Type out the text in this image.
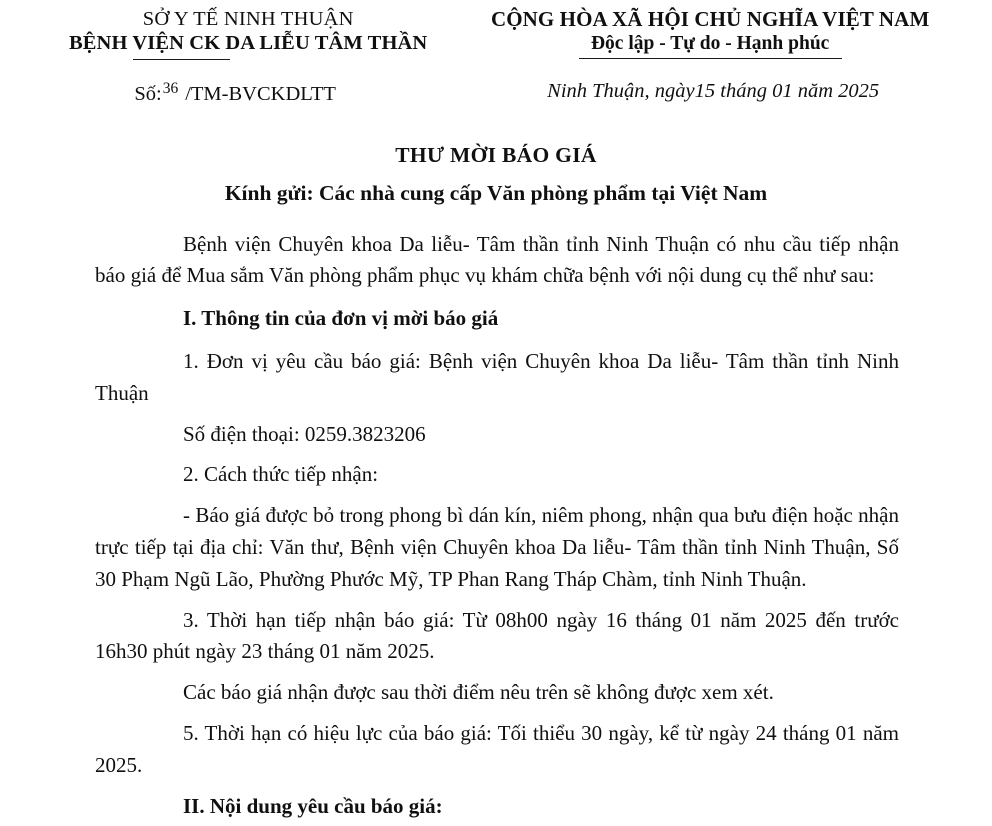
SỞ Y TẾ NINH THUẬN
BỆNH VIỆN CK DA LIỄU TÂM THẦN
CỘNG HÒA XÃ HỘI CHỦ NGHĨA VIỆT NAM
Độc lập - Tự do - Hạnh phúc
Số:$^{36}$ /TM-BVCKDLTT	Ninh Thuận, ngày15 tháng 01 năm 2025
THƯ MỜI BÁO GIÁ
Kính gửi: Các nhà cung cấp Văn phòng phẩm tại Việt Nam

Bệnh viện Chuyên khoa Da liễu- Tâm thần tỉnh Ninh Thuận có nhu cầu tiếp nhận báo giá để Mua sắm Văn phòng phẩm phục vụ khám chữa bệnh với nội dung cụ thể như sau:

I. Thông tin của đơn vị mời báo giá

1. Đơn vị yêu cầu báo giá: Bệnh viện Chuyên khoa Da liễu- Tâm thần tỉnh Ninh Thuận

Số điện thoại: 0259.3823206

2. Cách thức tiếp nhận:

- Báo giá được bỏ trong phong bì dán kín, niêm phong, nhận qua bưu điện hoặc nhận trực tiếp tại địa chỉ: Văn thư, Bệnh viện Chuyên khoa Da liễu- Tâm thần tỉnh Ninh Thuận, Số 30 Phạm Ngũ Lão, Phường Phước Mỹ, TP Phan Rang Tháp Chàm, tỉnh Ninh Thuận.

3. Thời hạn tiếp nhận báo giá: Từ 08h00 ngày 16 tháng 01 năm 2025 đến trước 16h30 phút ngày 23 tháng 01 năm 2025.

Các báo giá nhận được sau thời điểm nêu trên sẽ không được xem xét.

5. Thời hạn có hiệu lực của báo giá: Tối thiểu 30 ngày, kể từ ngày 24 tháng 01 năm 2025.

II. Nội dung yêu cầu báo giá:
